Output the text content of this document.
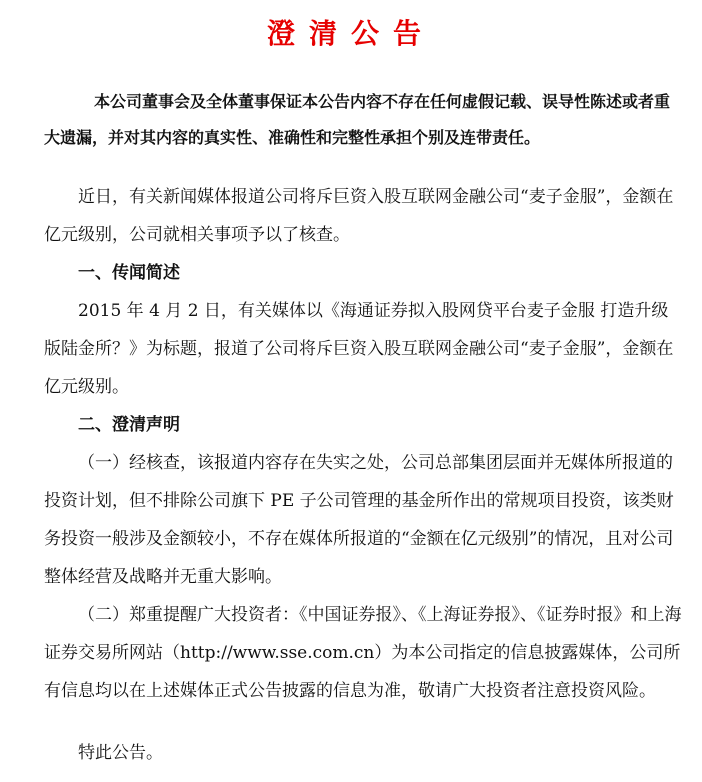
澄清公告
本公司董事会及全体董事保证本公告内容不存在任何虚假记载、误导性陈述或者重大遗漏，并对其内容的真实性、准确性和完整性承担个别及连带责任。

近日，有关新闻媒体报道公司将斥巨资入股互联网金融公司“麦子金服”，金额在亿元级别，公司就相关事项予以了核查。

一、传闻简述

2015 年 4 月 2 日，有关媒体以《海通证券拟入股网贷平台麦子金服 打造升级版陆金所？》为标题，报道了公司将斥巨资入股互联网金融公司“麦子金服”，金额在亿元级别。

二、澄清声明

（一）经核查，该报道内容存在失实之处，公司总部集团层面并无媒体所报道的投资计划，但不排除公司旗下 PE 子公司管理的基金所作出的常规项目投资，该类财务投资一般涉及金额较小，不存在媒体所报道的“金额在亿元级别”的情况，且对公司整体经营及战略并无重大影响。

（二）郑重提醒广大投资者：《中国证券报》、《上海证券报》、《证券时报》和上海证券交易所网站（http://www.sse.com.cn）为本公司指定的信息披露媒体，公司所有信息均以在上述媒体正式公告披露的信息为准，敬请广大投资者注意投资风险。

特此公告。
